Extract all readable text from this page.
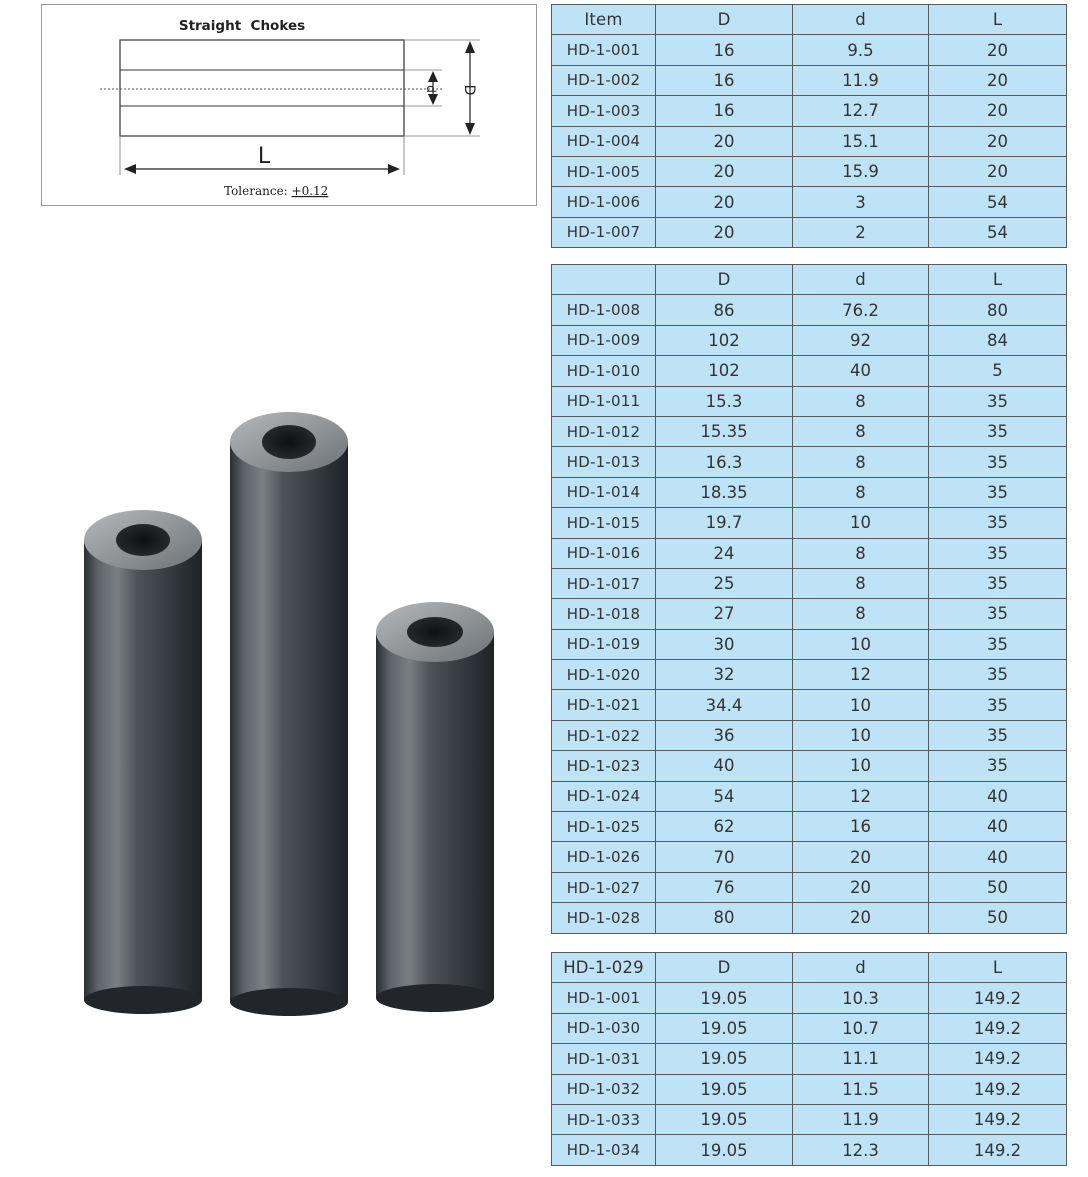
Straight  Chokes
D
d
L
Tolerance: +0.12
Item	D	d	L
HD-1-001	16	9.5	20
HD-1-002	16	11.9	20
HD-1-003	16	12.7	20
HD-1-004	20	15.1	20
HD-1-005	20	15.9	20
HD-1-006	20	3	54
HD-1-007	20	2	54
	D	d	L
HD-1-008	86	76.2	80
HD-1-009	102	92	84
HD-1-010	102	40	5
HD-1-011	15.3	8	35
HD-1-012	15.35	8	35
HD-1-013	16.3	8	35
HD-1-014	18.35	8	35
HD-1-015	19.7	10	35
HD-1-016	24	8	35
HD-1-017	25	8	35
HD-1-018	27	8	35
HD-1-019	30	10	35
HD-1-020	32	12	35
HD-1-021	34.4	10	35
HD-1-022	36	10	35
HD-1-023	40	10	35
HD-1-024	54	12	40
HD-1-025	62	16	40
HD-1-026	70	20	40
HD-1-027	76	20	50
HD-1-028	80	20	50
HD-1-029	D	d	L
HD-1-001	19.05	10.3	149.2
HD-1-030	19.05	10.7	149.2
HD-1-031	19.05	11.1	149.2
HD-1-032	19.05	11.5	149.2
HD-1-033	19.05	11.9	149.2
HD-1-034	19.05	12.3	149.2
